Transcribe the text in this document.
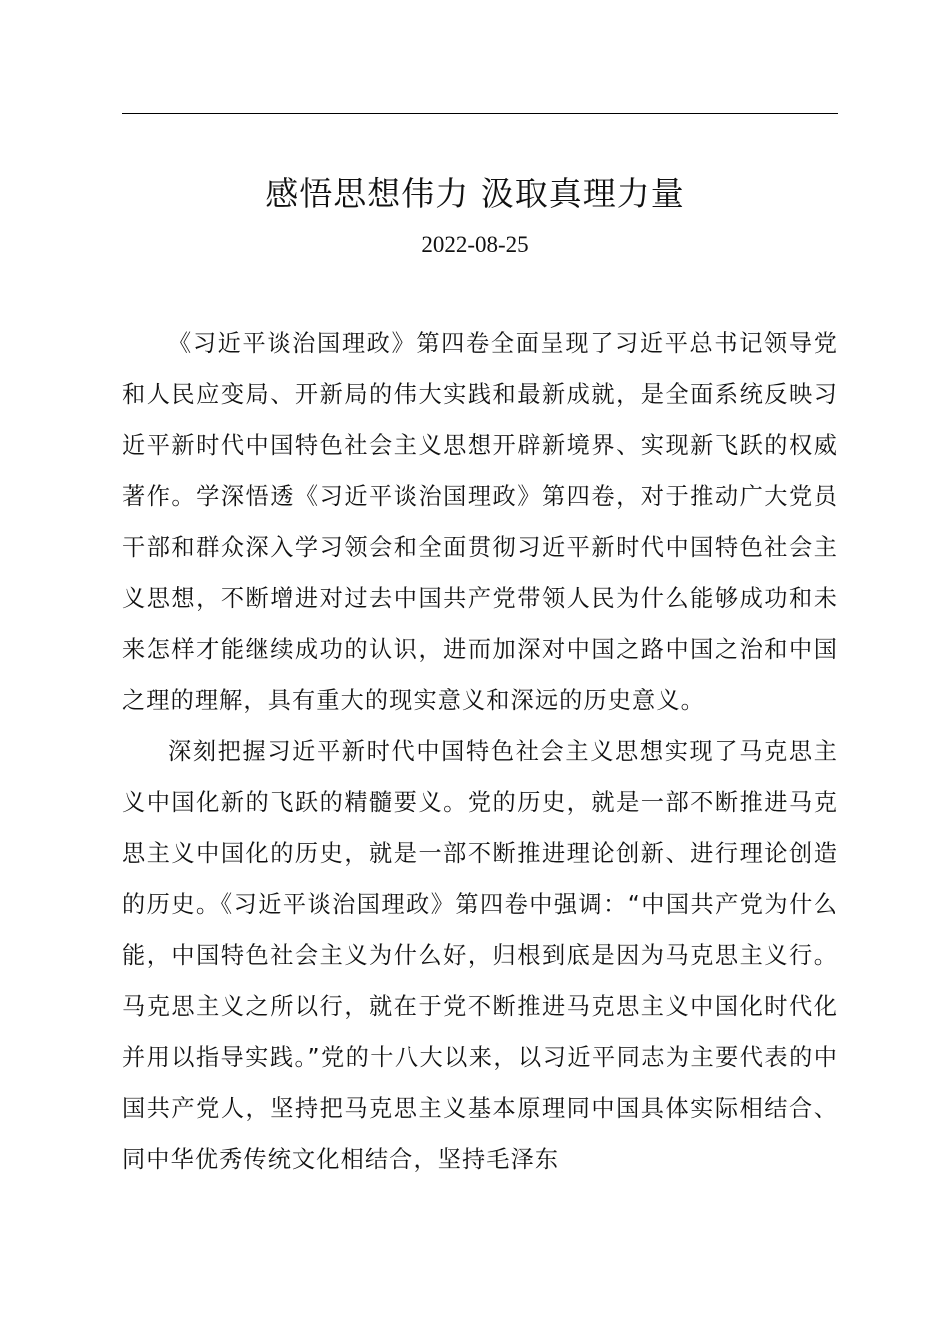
感悟思想伟力 汲取真理力量
2022-08-25

《习近平谈治国理政》第四卷全面呈现了习近平总书记领导党和人民应变局、开新局的伟大实践和最新成就，是全面系统反映习近平新时代中国特色社会主义思想开辟新境界、实现新飞跃的权威著作。学深悟透《习近平谈治国理政》第四卷，对于推动广大党员干部和群众深入学习领会和全面贯彻习近平新时代中国特色社会主义思想，不断增进对过去中国共产党带领人民为什么能够成功和未来怎样才能继续成功的认识，进而加深对中国之路中国之治和中国之理的理解，具有重大的现实意义和深远的历史意义。

深刻把握习近平新时代中国特色社会主义思想实现了马克思主义中国化新的飞跃的精髓要义。党的历史，就是一部不断推进马克思主义中国化的历史，就是一部不断推进理论创新、进行理论创造的历史。《习近平谈治国理政》第四卷中强调：“中国共产党为什么能，中国特色社会主义为什么好，归根到底是因为马克思主义行。马克思主义之所以行，就在于党不断推进马克思主义中国化时代化并用以指导实践。”党的十八大以来，以习近平同志为主要代表的中国共产党人，坚持把马克思主义基本原理同中国具体实际相结合、同中华优秀传统文化相结合，坚持毛泽东
